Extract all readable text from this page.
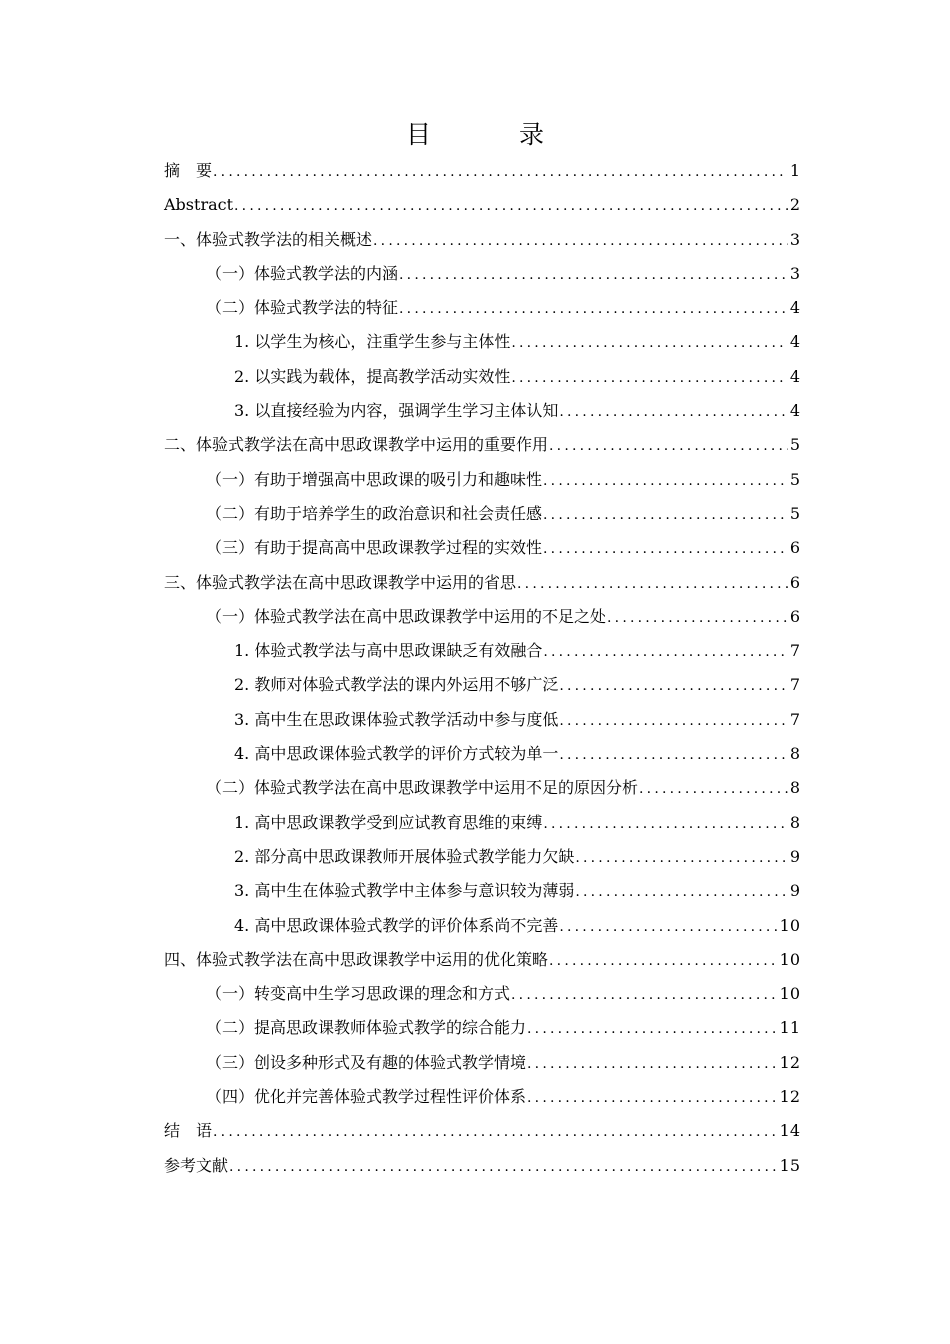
目 录
摘　要 .....	1
Abstract .....	2
一、体验式教学法的相关概述 .....	3
（一）体验式教学法的内涵 .....	3
（二）体验式教学法的特征 .....	4
1. 以学生为核心，注重学生参与主体性 .....	4
2. 以实践为载体，提高教学活动实效性 .....	4
3. 以直接经验为内容，强调学生学习主体认知 .....	4
二、体验式教学法在高中思政课教学中运用的重要作用 .....	5
（一）有助于增强高中思政课的吸引力和趣味性 .....	5
（二）有助于培养学生的政治意识和社会责任感 .....	5
（三）有助于提高高中思政课教学过程的实效性 .....	6
三、体验式教学法在高中思政课教学中运用的省思 .....	6
（一）体验式教学法在高中思政课教学中运用的不足之处 .....	6
1. 体验式教学法与高中思政课缺乏有效融合 .....	7
2. 教师对体验式教学法的课内外运用不够广泛 .....	7
3. 高中生在思政课体验式教学活动中参与度低 .....	7
4. 高中思政课体验式教学的评价方式较为单一 .....	8
（二）体验式教学法在高中思政课教学中运用不足的原因分析 .....	8
1. 高中思政课教学受到应试教育思维的束缚 .....	8
2. 部分高中思政课教师开展体验式教学能力欠缺 .....	9
3. 高中生在体验式教学中主体参与意识较为薄弱 .....	9
4. 高中思政课体验式教学的评价体系尚不完善 .....	10
四、体验式教学法在高中思政课教学中运用的优化策略 .....	10
（一）转变高中生学习思政课的理念和方式 .....	10
（二）提高思政课教师体验式教学的综合能力 .....	11
（三）创设多种形式及有趣的体验式教学情境 .....	12
（四）优化并完善体验式教学过程性评价体系 .....	12
结　语 .....	14
参考文献 .....	15
